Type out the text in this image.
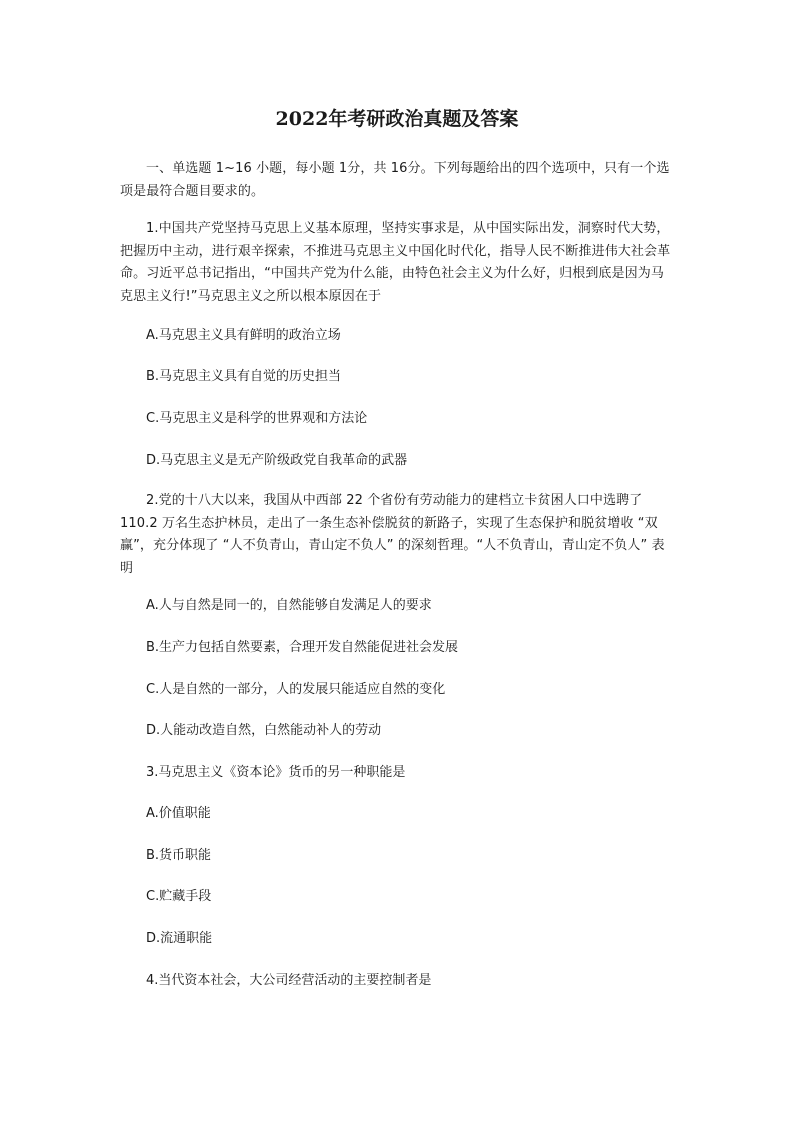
2022年考研政治真题及答案
一、单选题 1~16 小题，每小题 1分，共 16分。下列每题给出的四个选项中，只有一个选项是最符合题目要求的。
1.中国共产党坚持马克思上义基本原理，坚持实事求是，从中国实际出发，洞察时代大势，把握历中主动，进行艰辛探索，不推进马克思主义中国化时代化，指导人民不断推进伟大社会革命。习近平总书记指出，“中国共产党为什么能，由特色社会主义为什么好，归根到底是因为马克思主义行!”马克思主义之所以根本原因在于
A.马克思主义具有鲜明的政治立场
B.马克思主义具有自觉的历史担当
C.马克思主义是科学的世界观和方法论
D.马克思主义是无产阶级政党自我革命的武器
2.党的十八大以来，我国从中西部 22 个省份有劳动能力的建档立卡贫困人口中选聘了 110.2 万名生态护林员，走出了一条生态补偿脱贫的新路子，实现了生态保护和脱贫增收 “双赢”，充分体现了 “人不负青山，青山定不负人” 的深刻哲理。“人不负青山，青山定不负人” 表明
A.人与自然是同一的，自然能够自发满足人的要求
B.生产力包括自然要素，合理开发自然能促进社会发展
C.人是自然的一部分，人的发展只能适应自然的变化
D.人能动改造自然，白然能动补人的劳动
3.马克思主义《资本论》货币的另一种职能是
A.价值职能
B.货币职能
C.贮藏手段
D.流通职能
4.当代资本社会，大公司经营活动的主要控制者是
